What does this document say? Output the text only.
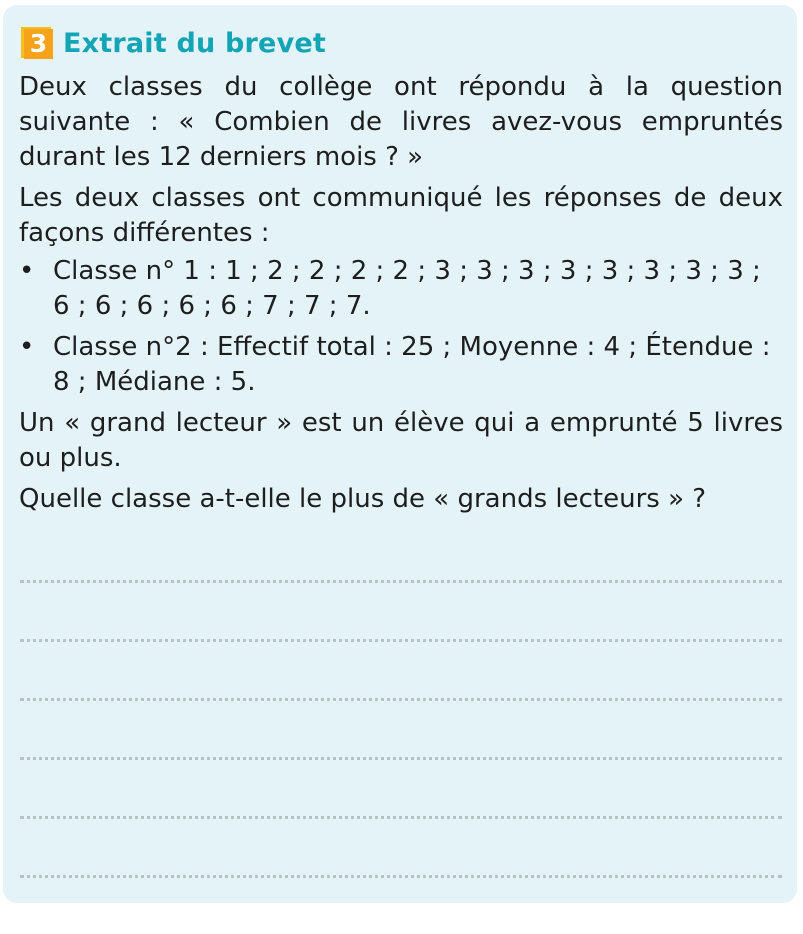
3 Extrait du brevet

Deux classes du collège ont répondu à la question suivante : « Combien de livres avez-vous empruntés durant les 12 derniers mois ? »

Les deux classes ont communiqué les réponses de deux façons différentes :

• Classe n° 1 : 1 ; 2 ; 2 ; 2 ; 2 ; 3 ; 3 ; 3 ; 3 ; 3 ; 3 ; 3 ; 3 ; 6 ; 6 ; 6 ; 6 ; 6 ; 7 ; 7 ; 7.
• Classe n°2 : Effectif total : 25 ; Moyenne : 4 ; Étendue : 8 ; Médiane : 5.

Un « grand lecteur » est un élève qui a emprunté 5 livres ou plus.

Quelle classe a-t-elle le plus de « grands lecteurs » ?
